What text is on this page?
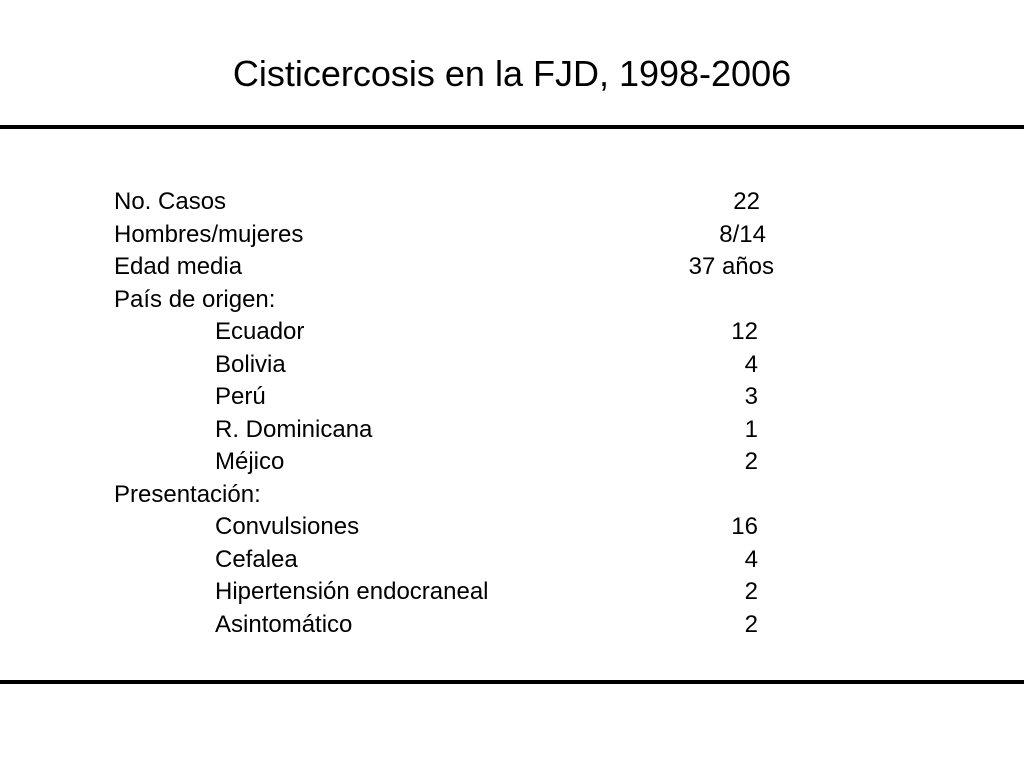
Cisticercosis en la FJD, 1998-2006
No. Casos	22
Hombres/mujeres	8/14
Edad media	37 años
País de origen:
Ecuador	12
Bolivia	4
Perú	3
R. Dominicana	1
Méjico	2
Presentación:
Convulsiones	16
Cefalea	4
Hipertensión endocraneal	2
Asintomático	2
